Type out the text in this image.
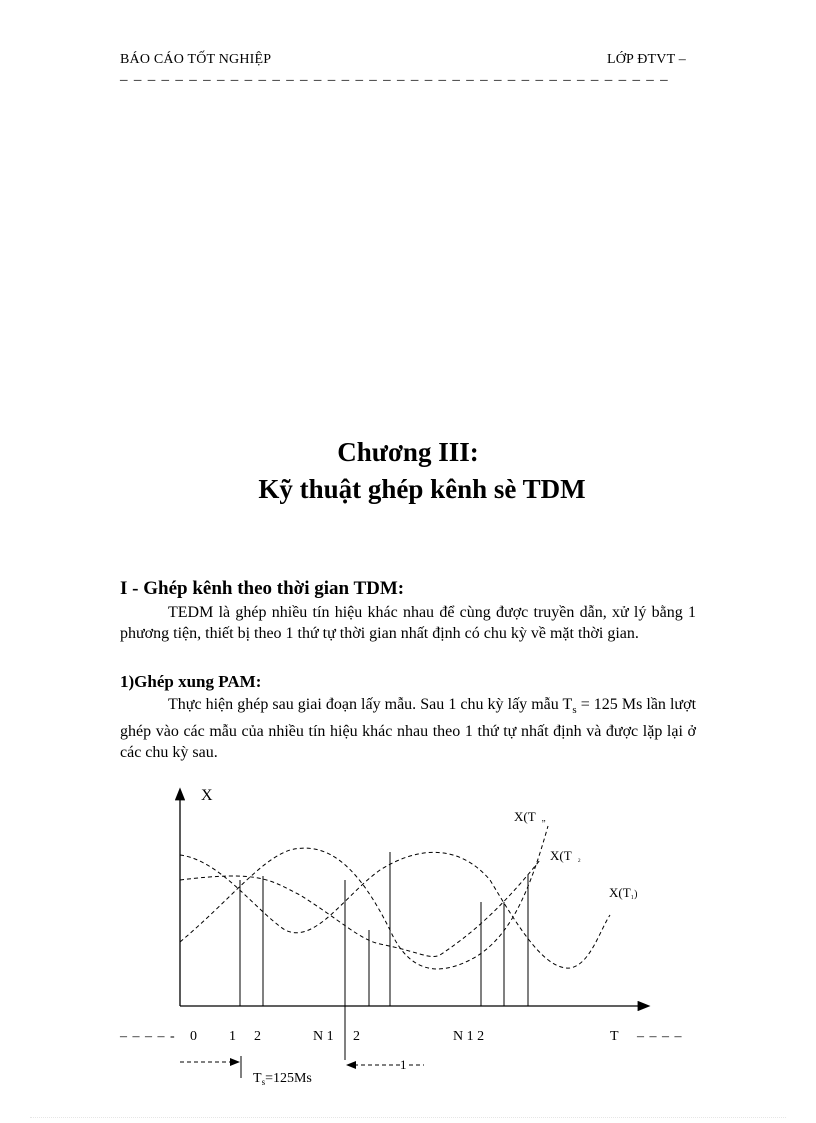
BÁO CÁO TỐT NGHIỆP	LỚP ĐTVT –
– – – – – – – – – – – – – – – – – – – – – – – – – – – – – – – – – – – – – – – –
Chương III:
Kỹ thuật ghép kênh sè TDM
I - Ghép kênh theo thời gian TDM:
TEDM là ghép nhiều tín hiệu khác nhau để cùng được truyền dẫn, xử lý bằng 1 phương tiện, thiết bị theo 1 thứ tự thời gian nhất định có chu kỳ về mặt thời gian.
1)Ghép xung PAM:
Thực hiện ghép sau giai đoạn lấy mẫu. Sau 1 chu kỳ lấy mẫu $T_s = 125$ Ms lần lượt ghép vào các mẫu của nhiều tín hiệu khác nhau theo 1 thứ tự nhất định và được lặp lại ở các chu kỳ sau.
X
X(T „
X(T ₂
X(T₁)
– – – – - 0 1 2	N 1 2	N 1 2	T – – – –
$T_s=125Ms$
1
